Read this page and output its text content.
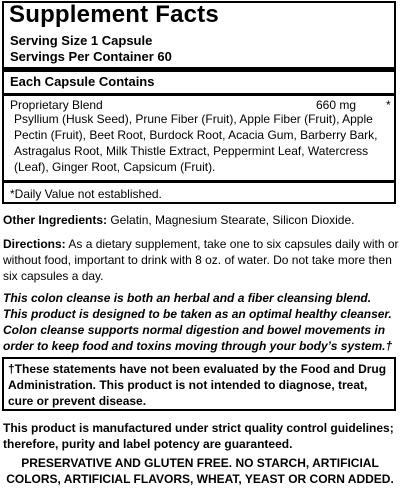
Supplement Facts
Serving Size 1 Capsule
Servings Per Container 60
Each Capsule Contains
Proprietary Blend	660 mg *
Psyllium (Husk Seed), Prune Fiber (Fruit), Apple Fiber (Fruit), Apple Pectin (Fruit), Beet Root, Burdock Root, Acacia Gum, Barberry Bark, Astragalus Root, Milk Thistle Extract, Peppermint Leaf, Watercress (Leaf), Ginger Root, Capsicum (Fruit).
*Daily Value not established.
Other Ingredients: Gelatin, Magnesium Stearate, Silicon Dioxide.
Directions: As a dietary supplement, take one to six capsules daily with or without food, important to drink with 8 oz. of water. Do not take more then six capsules a day.
This colon cleanse is both an herbal and a fiber cleansing blend. This product is designed to be taken as an optimal healthy cleanser. Colon cleanse supports normal digestion and bowel movements in order to keep food and toxins moving through your body’s system.†
†These statements have not been evaluated by the Food and Drug Administration. This product is not intended to diagnose, treat, cure or prevent disease.
This product is manufactured under strict quality control guidelines; therefore, purity and label potency are guaranteed.
PRESERVATIVE AND GLUTEN FREE. NO STARCH, ARTIFICIAL COLORS, ARTIFICIAL FLAVORS, WHEAT, YEAST OR CORN ADDED.
